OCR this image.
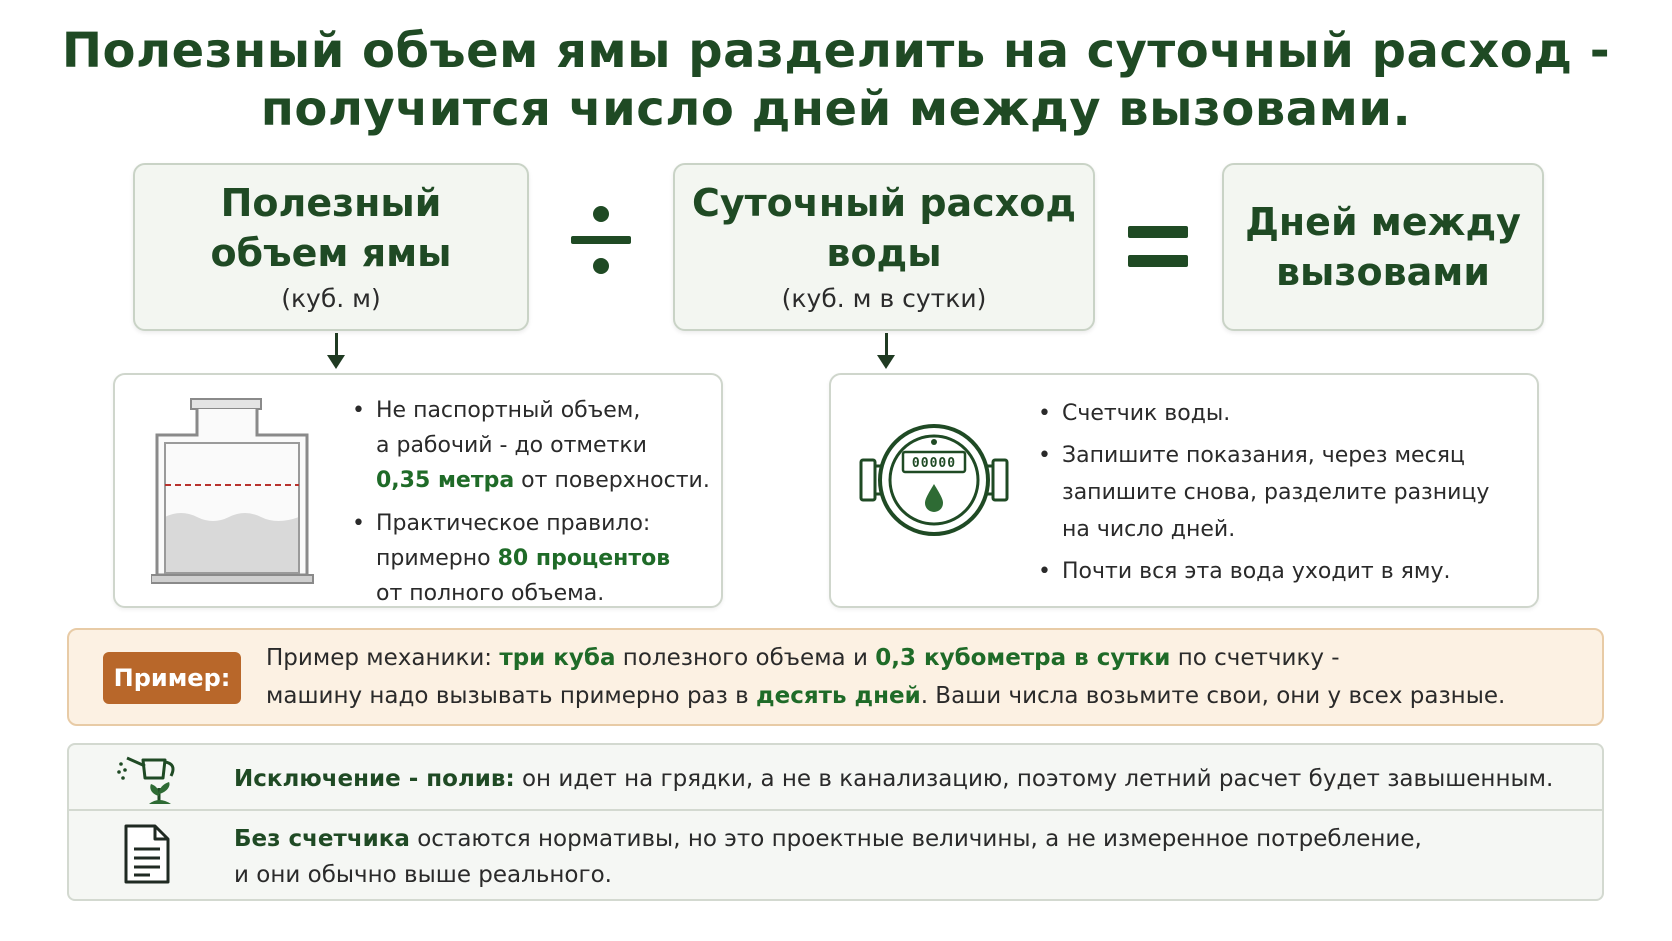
Полезный объем ямы разделить на суточный расход -
получится число дней между вызовами.
Полезный
объем ямы
(куб. м)
Суточный расход
воды
(куб. м в сутки)
Дней между
вызовами
• Не паспортный объем,
а рабочий - до отметки
0,35 метра от поверхности.
• Практическое правило:
примерно 80 процентов
от полного объема.
00000
• Счетчик воды.
• Запишите показания, через месяц
запишите снова, разделите разницу
на число дней.
• Почти вся эта вода уходит в яму.
Пример:
Пример механики: три куба полезного объема и 0,3 кубометра в сутки по счетчику -
машину надо вызывать примерно раз в десять дней. Ваши числа возьмите свои, они у всех разные.
Исключение - полив: он идет на грядки, а не в канализацию, поэтому летний расчет будет завышенным.
Без счетчика остаются нормативы, но это проектные величины, а не измеренное потребление,
и они обычно выше реального.
